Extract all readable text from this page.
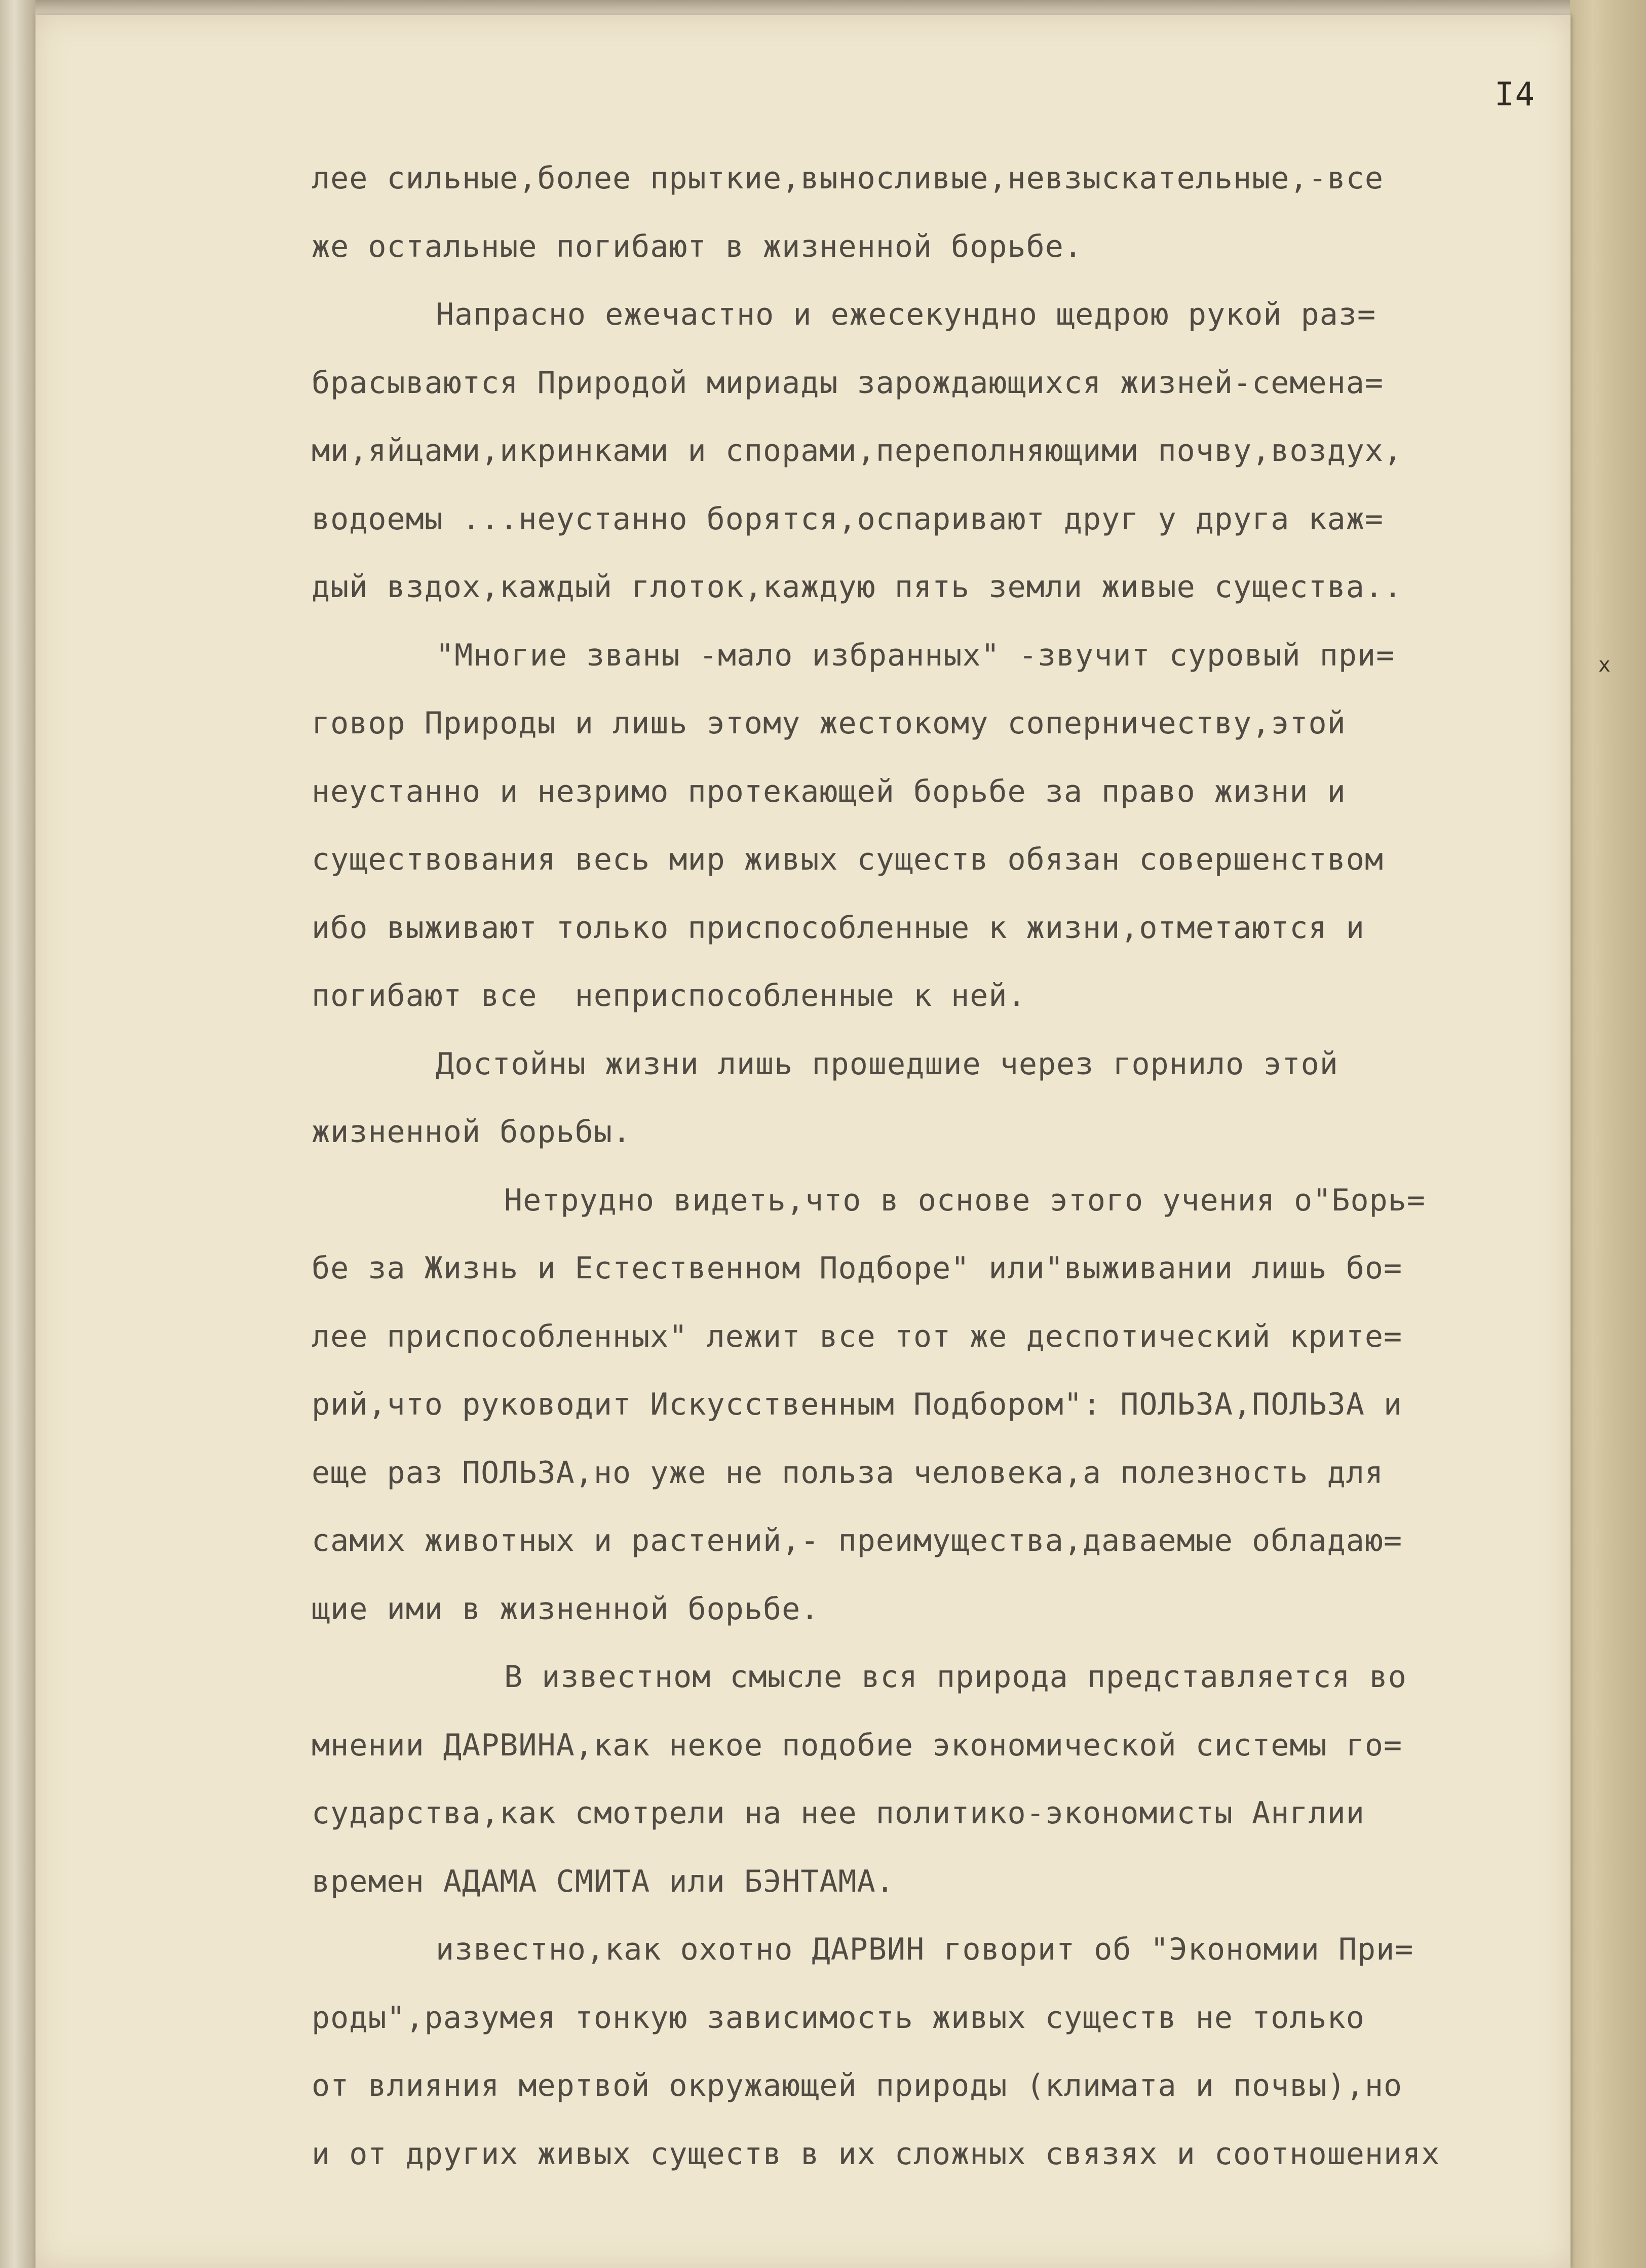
x
I4
лее сильные,более прыткие,выносливые,невзыскательные,-все
же остальные погибают в жизненной борьбе.
Напрасно ежечастно и ежесекундно щедрою рукой раз=
брасываются Природой мириады зарождающихся жизней-семена=
ми,яйцами,икринками и спорами,переполняющими почву,воздух,
водоемы ...неустанно борятся,оспаривают друг у друга каж=
дый вздох,каждый глоток,каждую пять земли живые существа..
"Многие званы -мало избранных" -звучит суровый при=
говор Природы и лишь этому жестокому соперничеству,этой
неустанно и незримо протекающей борьбе за право жизни и
существования весь мир живых существ обязан совершенством
ибо выживают только приспособленные к жизни,отметаются и
погибают все  неприспособленные к ней.
Достойны жизни лишь прошедшие через горнило этой
жизненной борьбы.
Нетрудно видеть,что в основе этого учения о"Борь=
бе за Жизнь и Естественном Подборе" или"выживании лишь бо=
лее приспособленных" лежит все тот же деспотический крите=
рий,что руководит Искусственным Подбором": ПОЛЬЗА,ПОЛЬЗА и
еще раз ПОЛЬЗА,но уже не польза человека,а полезность для
самих животных и растений,- преимущества,даваемые обладаю=
щие ими в жизненной борьбе.
В известном смысле вся природа представляется во
мнении ДАРВИНА,как некое подобие экономической системы го=
сударства,как смотрели на нее политико-экономисты Англии
времен АДАМА СМИТА или БЭНТАМА.
известно,как охотно ДАРВИН говорит об "Экономии При=
роды",разумея тонкую зависимость живых существ не только
от влияния мертвой окружающей природы (климата и почвы),но
и от других живых существ в их сложных связях и соотношениях
